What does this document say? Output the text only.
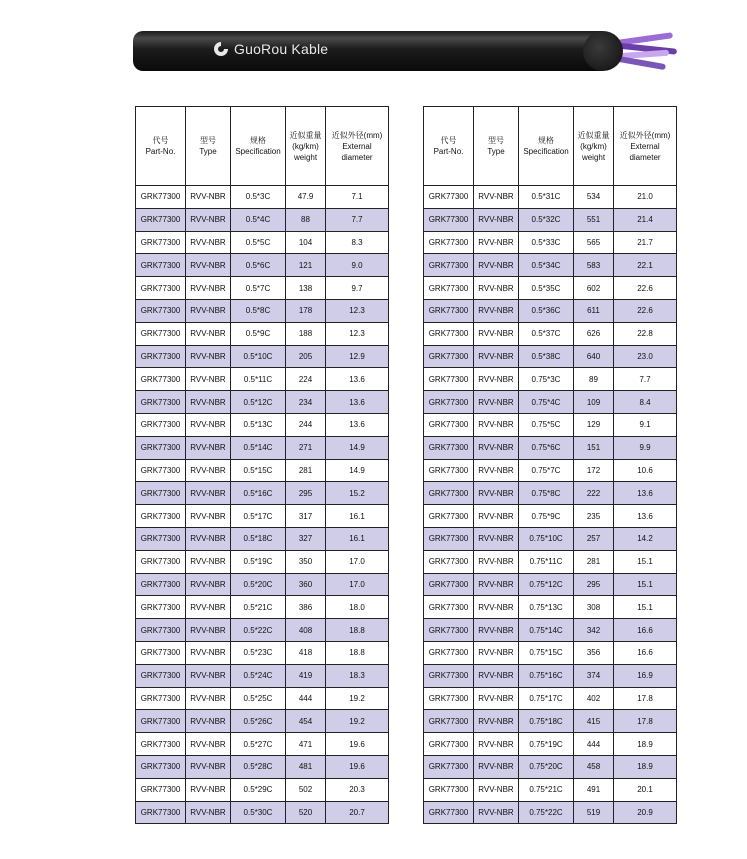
GuoRou Kable
代号
Part-No.	型号
Type	规格
Specification	近似重量
(kg/km)
weight	近似外径(mm)
External diameter
GRK77300	RVV-NBR	0.5*3C	47.9	7.1
GRK77300	RVV-NBR	0.5*4C	88	7.7
GRK77300	RVV-NBR	0.5*5C	104	8.3
GRK77300	RVV-NBR	0.5*6C	121	9.0
GRK77300	RVV-NBR	0.5*7C	138	9.7
GRK77300	RVV-NBR	0.5*8C	178	12.3
GRK77300	RVV-NBR	0.5*9C	188	12.3
GRK77300	RVV-NBR	0.5*10C	205	12.9
GRK77300	RVV-NBR	0.5*11C	224	13.6
GRK77300	RVV-NBR	0.5*12C	234	13.6
GRK77300	RVV-NBR	0.5*13C	244	13.6
GRK77300	RVV-NBR	0.5*14C	271	14.9
GRK77300	RVV-NBR	0.5*15C	281	14.9
GRK77300	RVV-NBR	0.5*16C	295	15.2
GRK77300	RVV-NBR	0.5*17C	317	16.1
GRK77300	RVV-NBR	0.5*18C	327	16.1
GRK77300	RVV-NBR	0.5*19C	350	17.0
GRK77300	RVV-NBR	0.5*20C	360	17.0
GRK77300	RVV-NBR	0.5*21C	386	18.0
GRK77300	RVV-NBR	0.5*22C	408	18.8
GRK77300	RVV-NBR	0.5*23C	418	18.8
GRK77300	RVV-NBR	0.5*24C	419	18.3
GRK77300	RVV-NBR	0.5*25C	444	19.2
GRK77300	RVV-NBR	0.5*26C	454	19.2
GRK77300	RVV-NBR	0.5*27C	471	19.6
GRK77300	RVV-NBR	0.5*28C	481	19.6
GRK77300	RVV-NBR	0.5*29C	502	20.3
GRK77300	RVV-NBR	0.5*30C	520	20.7
代号
Part-No.	型号
Type	规格
Specification	近似重量
(kg/km)
weight	近似外径(mm)
External diameter
GRK77300	RVV-NBR	0.5*31C	534	21.0
GRK77300	RVV-NBR	0.5*32C	551	21.4
GRK77300	RVV-NBR	0.5*33C	565	21.7
GRK77300	RVV-NBR	0.5*34C	583	22.1
GRK77300	RVV-NBR	0.5*35C	602	22.6
GRK77300	RVV-NBR	0.5*36C	611	22.6
GRK77300	RVV-NBR	0.5*37C	626	22.8
GRK77300	RVV-NBR	0.5*38C	640	23.0
GRK77300	RVV-NBR	0.75*3C	89	7.7
GRK77300	RVV-NBR	0.75*4C	109	8.4
GRK77300	RVV-NBR	0.75*5C	129	9.1
GRK77300	RVV-NBR	0.75*6C	151	9.9
GRK77300	RVV-NBR	0.75*7C	172	10.6
GRK77300	RVV-NBR	0.75*8C	222	13.6
GRK77300	RVV-NBR	0.75*9C	235	13.6
GRK77300	RVV-NBR	0.75*10C	257	14.2
GRK77300	RVV-NBR	0.75*11C	281	15.1
GRK77300	RVV-NBR	0.75*12C	295	15.1
GRK77300	RVV-NBR	0.75*13C	308	15.1
GRK77300	RVV-NBR	0.75*14C	342	16.6
GRK77300	RVV-NBR	0.75*15C	356	16.6
GRK77300	RVV-NBR	0.75*16C	374	16.9
GRK77300	RVV-NBR	0.75*17C	402	17.8
GRK77300	RVV-NBR	0.75*18C	415	17.8
GRK77300	RVV-NBR	0.75*19C	444	18.9
GRK77300	RVV-NBR	0.75*20C	458	18.9
GRK77300	RVV-NBR	0.75*21C	491	20.1
GRK77300	RVV-NBR	0.75*22C	519	20.9
